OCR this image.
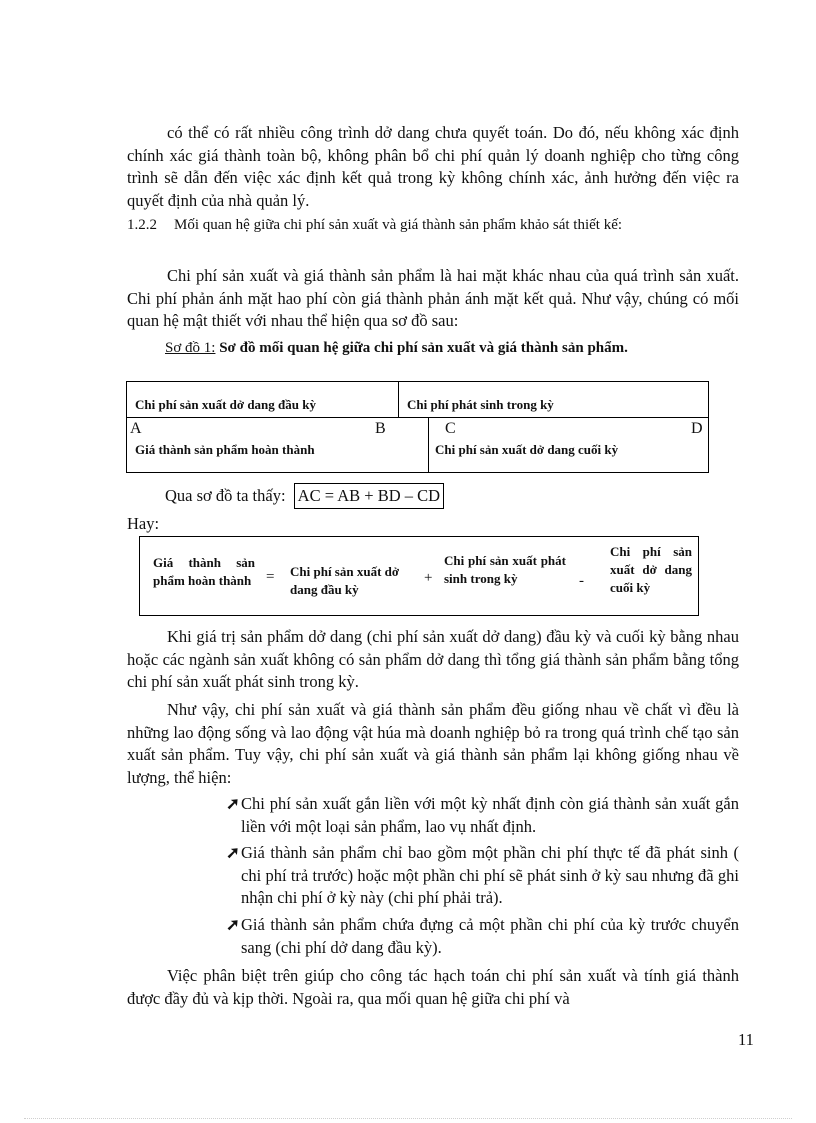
có thể có rất nhiều công trình dở dang chưa quyết toán. Do đó, nếu không xác định chính xác giá thành toàn bộ, không phân bổ chi phí quản lý doanh nghiệp cho từng công trình sẽ dẫn đến việc xác định kết quả trong kỳ không chính xác, ảnh hưởng đến việc ra quyết định của nhà quản lý.

1.2.2 Mối quan hệ giữa chi phí sản xuất và giá thành sản phẩm khảo sát thiết kế:

Chi phí sản xuất và giá thành sản phẩm là hai mặt khác nhau của quá trình sản xuất. Chi phí phản ánh mặt hao phí còn giá thành phản ánh mặt kết quả. Như vậy, chúng có mối quan hệ mật thiết với nhau thể hiện qua sơ đồ sau:

Sơ đồ 1: Sơ đồ mối quan hệ giữa chi phí sản xuất và giá thành sản phẩm.
Chi phí sản xuất dở dang đầu kỳ	Chi phí phát sinh trong kỳ
A	B	C	D
Giá thành sản phẩm hoàn thành	Chi phí sản xuất dở dang cuối kỳ
Qua sơ đồ ta thấy: AC = AB + BD – CD
Hay:
Giá thành sản phẩm hoàn thành = Chi phí sản xuất dở dang đầu kỳ
+
Chi phí sản xuất phát sinh trong kỳ	-
Chi phí sản xuất dở dang cuối kỳ

Khi giá trị sản phẩm dở dang (chi phí sản xuất dở dang) đầu kỳ và cuối kỳ bằng nhau hoặc các ngành sản xuất không có sản phẩm dở dang thì tổng giá thành sản phẩm bằng tổng chi phí sản xuất phát sinh trong kỳ.

Như vậy, chi phí sản xuất và giá thành sản phẩm đều giống nhau về chất vì đều là những lao động sống và lao động vật húa mà doanh nghiệp bỏ ra trong quá trình chế tạo sản xuất sản phẩm. Tuy vậy, chi phí sản xuất và giá thành sản phẩm lại không giống nhau về lượng, thể hiện:

➚ Chi phí sản xuất gắn liền với một kỳ nhất định còn giá thành sản xuất gắn liền với một loại sản phẩm, lao vụ nhất định.
➚ Giá thành sản phẩm chỉ bao gồm một phần chi phí thực tế đã phát sinh ( chi phí trả trước) hoặc một phần chi phí sẽ phát sinh ở kỳ sau nhưng đã ghi nhận chi phí ở kỳ này (chi phí phải trả).
➚ Giá thành sản phẩm chứa đựng cả một phần chi phí của kỳ trước chuyển sang (chi phí dở dang đầu kỳ).

Việc phân biệt trên giúp cho công tác hạch toán chi phí sản xuất và tính giá thành được đầy đủ và kịp thời. Ngoài ra, qua mối quan hệ giữa chi phí và

11
